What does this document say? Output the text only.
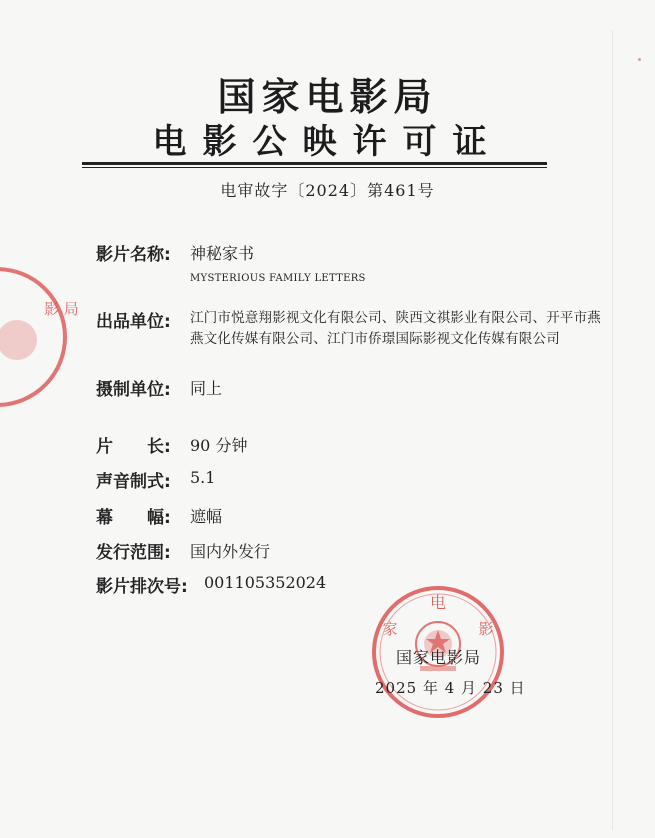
影 局
国家电影局
电影公映许可证
电审故字〔2024〕第461号
影片名称: 神秘家书
MYSTERIOUS FAMILY LETTERS
出品单位: 江门市悦意翔影视文化有限公司、陕西文祺影业有限公司、开平市燕燕文化传媒有限公司、江门市侨璟国际影视文化传媒有限公司
摄制单位: 同上
片　　长: 90 分钟
声音制式: 5.1
幕　　幅: 遮幅
发行范围: 国内外发行
影片排次号: 001105352024
电
家	影
国家电影局
2025 年 4 月 23 日
